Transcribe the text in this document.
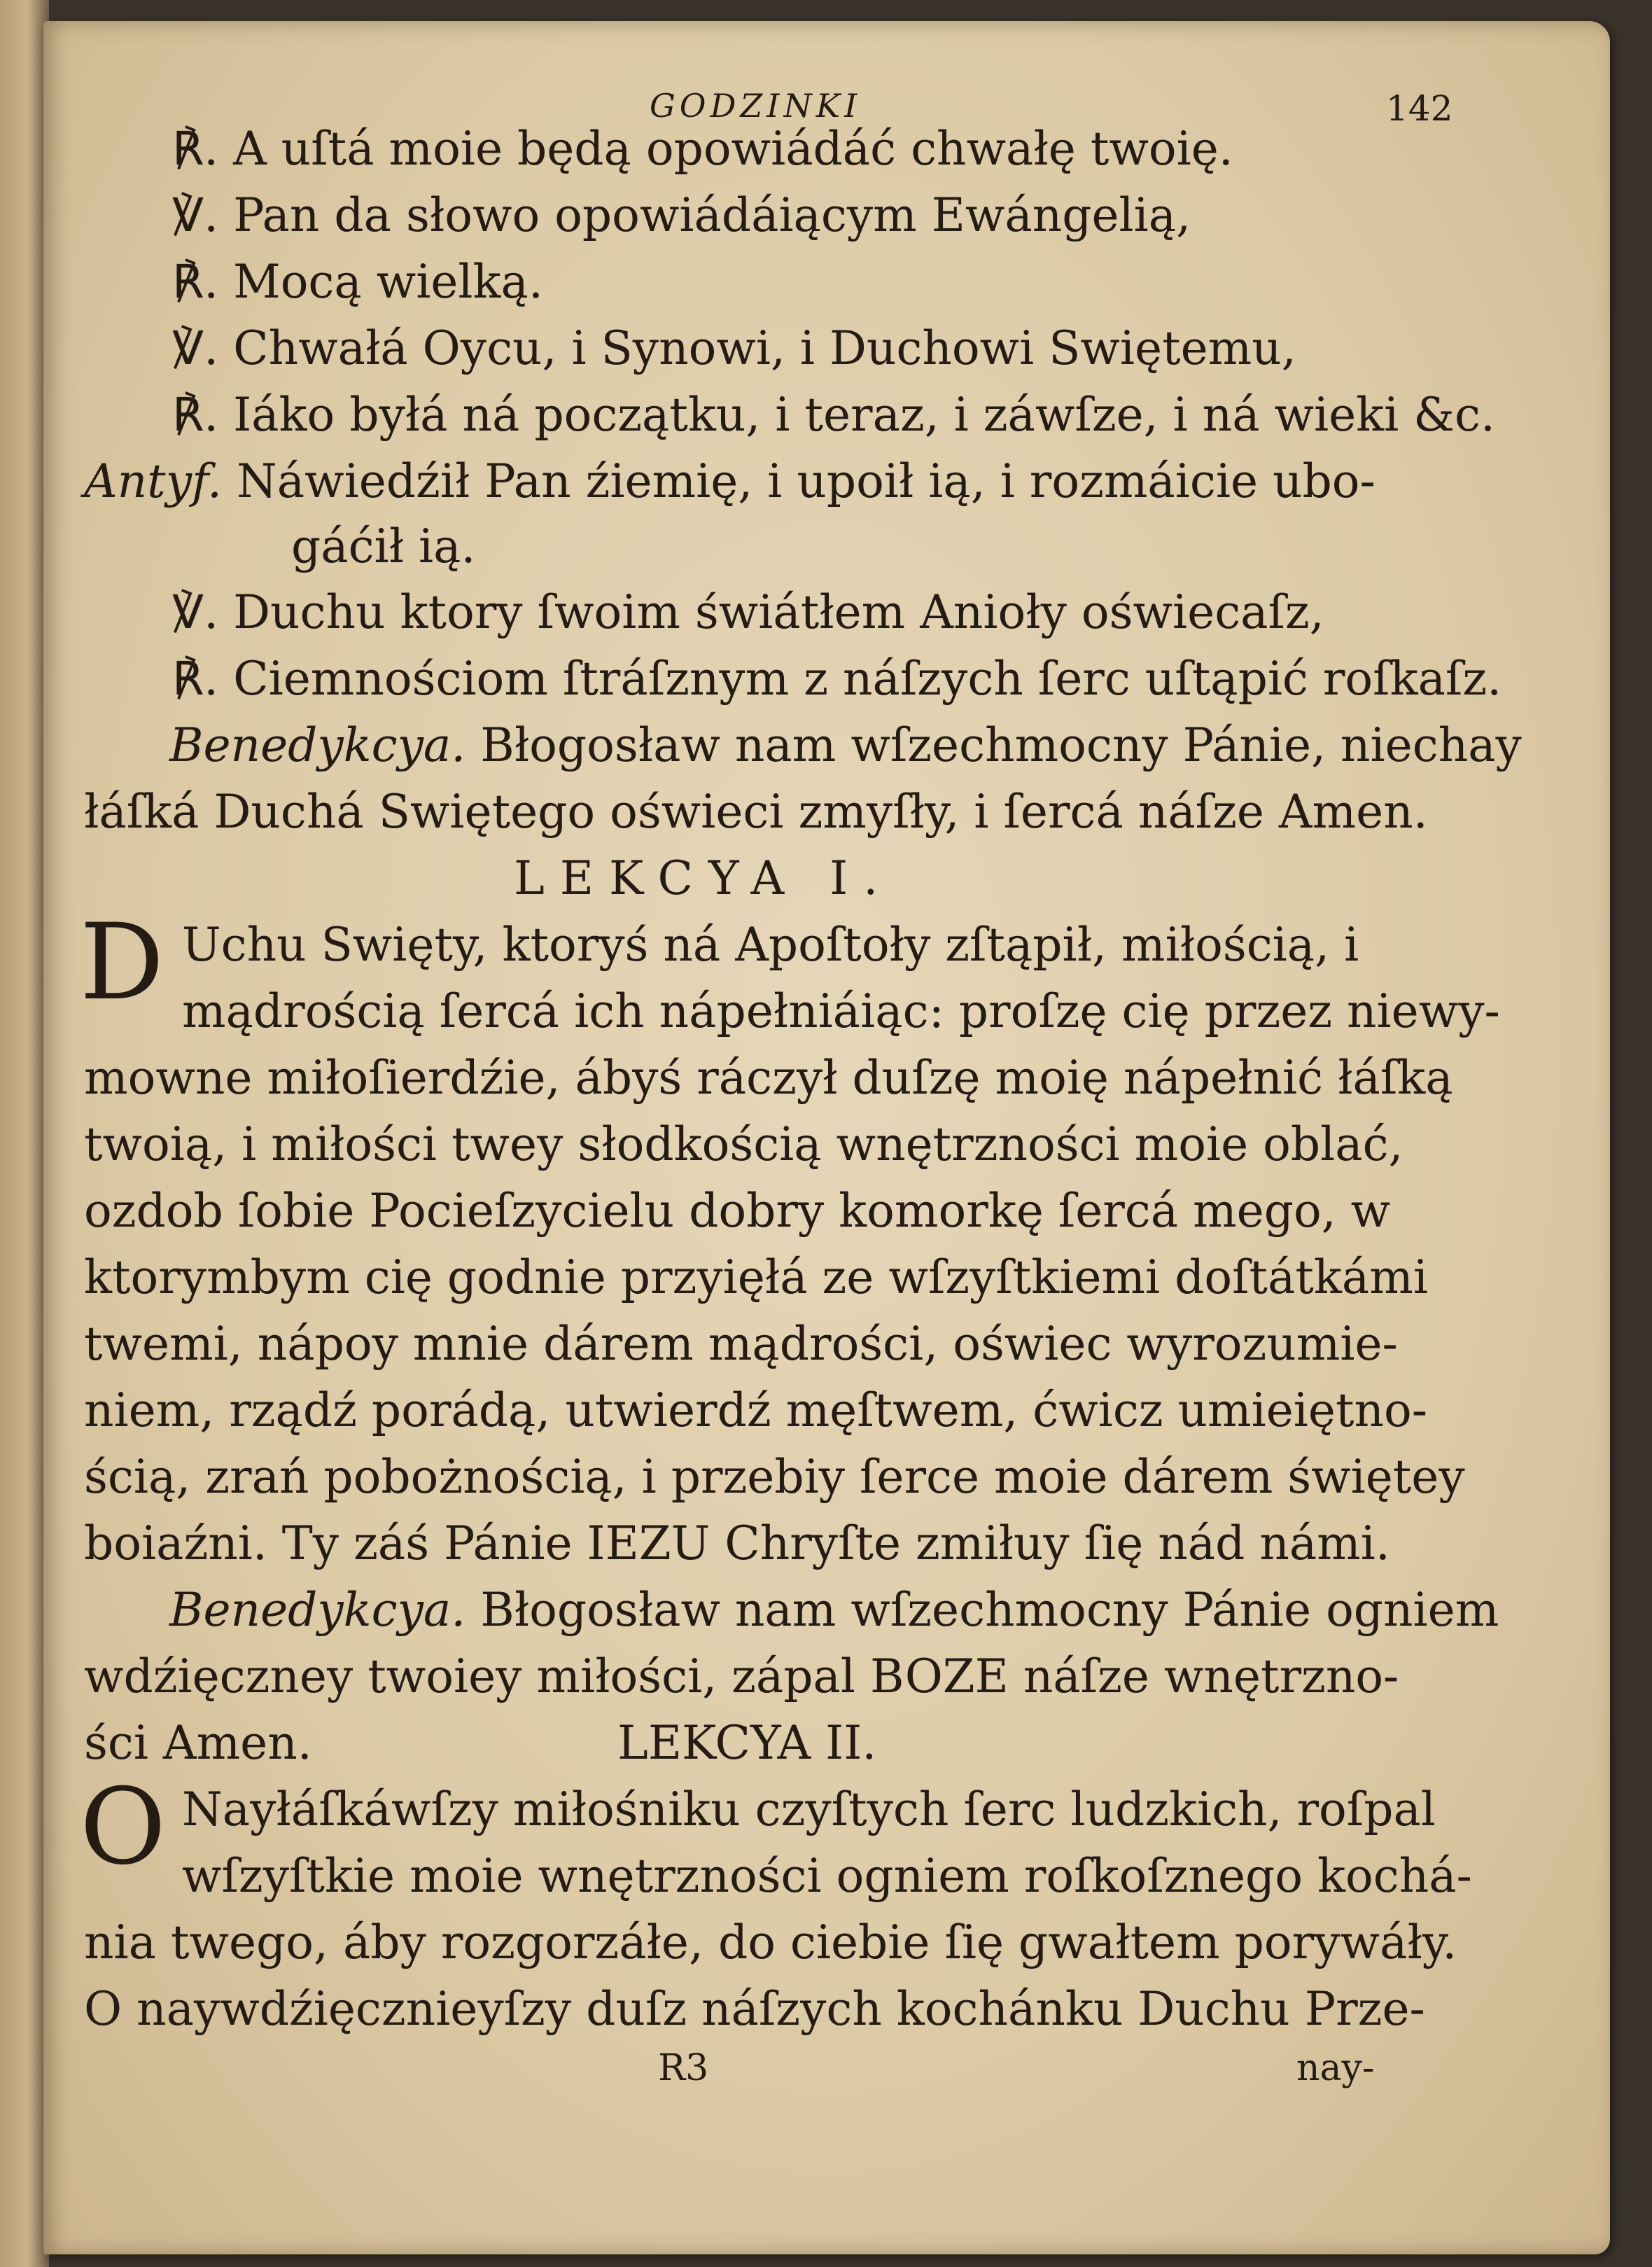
GODZINKI	142
℟. A uſtá moie będą opowiádáć chwałę twoię.
℣. Pan da słowo opowiádáiącym Ewángelią,
℟. Mocą wielką.
℣. Chwałá Oycu, i Synowi, i Duchowi Swiętemu,
℟. Iáko byłá ná początku, i teraz, i záwſze, i ná wieki &c.
Antyf. Náwiedźił Pan źiemię, i upoił ią, i rozmáicie ubo-
gáćił ią.
℣. Duchu ktory ſwoim świátłem Anioły oświecaſz,
℟. Ciemnościom ſtráſznym z náſzych ſerc uſtąpić roſkaſz.
Benedykcya. Błogosław nam wſzechmocny Pánie, niechay
łáſká Duchá Swiętego oświeci zmyſły, i ſercá náſze Amen.
LEKCYA I.
D Uchu Swięty, ktoryś ná Apoſtoły zſtąpił, miłością, i
mądrością ſercá ich nápełniáiąc: proſzę cię przez niewy-
mowne miłoſierdźie, ábyś ráczył duſzę moię nápełnić łáſką
twoią, i miłości twey słodkością wnętrzności moie oblać,
ozdob ſobie Pocieſzycielu dobry komorkę ſercá mego, w
ktorymbym cię godnie przyięłá ze wſzyſtkiemi doſtátkámi
twemi, nápoy mnie dárem mądrości, oświec wyrozumie-
niem, rządź porádą, utwierdź męſtwem, ćwicz umieiętno-
ścią, zrań pobożnością, i przebiy ſerce moie dárem świętey
boiaźni. Ty záś Pánie IEZU Chryſte zmiłuy ſię nád námi.
Benedykcya. Błogosław nam wſzechmocny Pánie ogniem
wdźięczney twoiey miłości, zápal BOZE náſze wnętrzno-
ści Amen.	LEKCYA II.
O Nayłáſkáwſzy miłośniku czyſtych ſerc ludzkich, roſpal
wſzyſtkie moie wnętrzności ogniem roſkoſznego kochá-
nia twego, áby rozgorzáłe, do ciebie ſię gwałtem porywáły.
O naywdźięcznieyſzy duſz náſzych kochánku Duchu Prze-
R3	nay-
